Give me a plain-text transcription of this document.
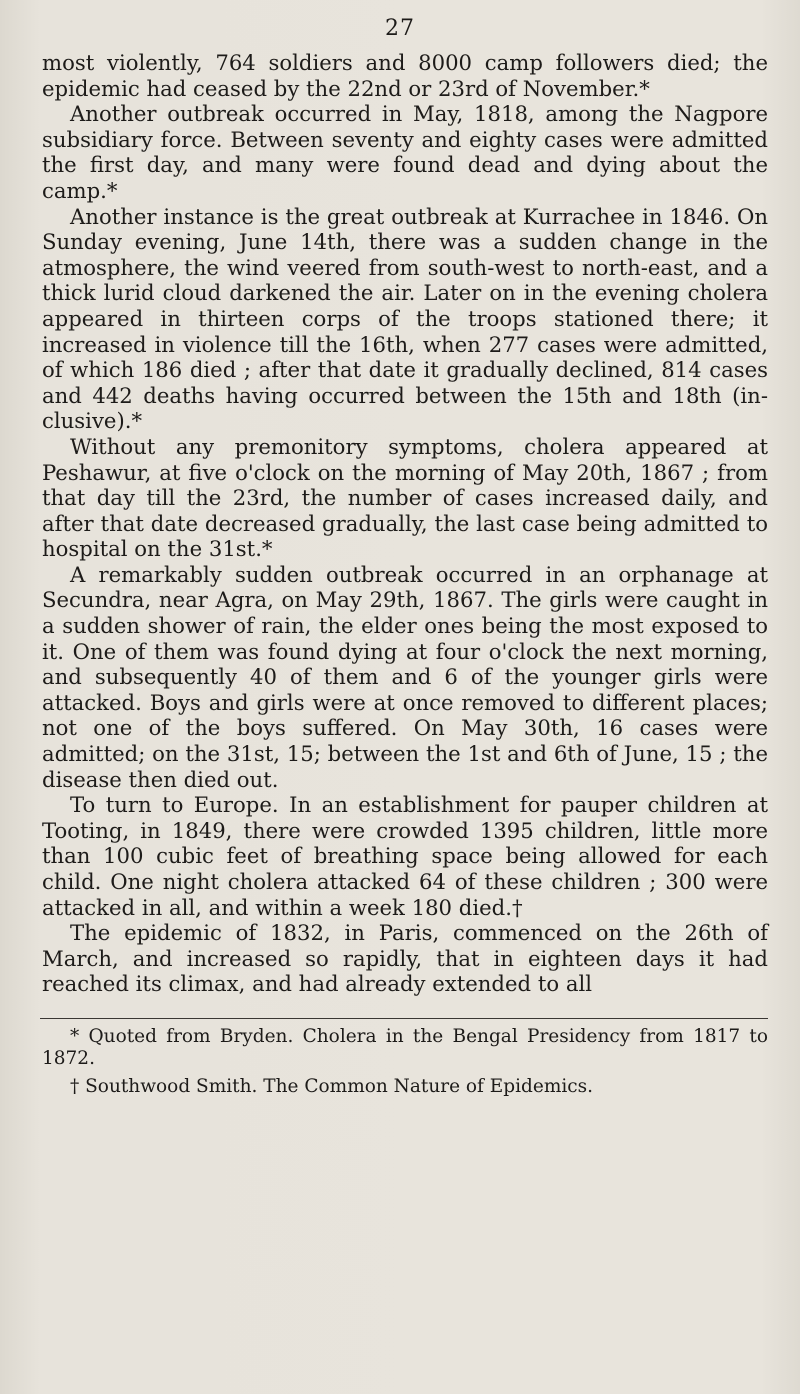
27

most violently, 764 soldiers and 8000 camp followers died; the epidemic had ceased by the 22nd or 23rd of November.*

Another outbreak occurred in May, 1818, among the Nagpore subsidiary force. Between seventy and eighty cases were admitted the first day, and many were found dead and dying about the camp.*

Another instance is the great outbreak at Kurrachee in 1846. On Sunday evening, June 14th, there was a sudden change in the atmosphere, the wind veered from south-west to north-east, and a thick lurid cloud darkened the air. Later on in the evening cholera appeared in thirteen corps of the troops stationed there; it increased in violence till the 16th, when 277 cases were admitted, of which 186 died ; after that date it gradually declined, 814 cases and 442 deaths having occurred between the 15th and 18th (in-clusive).*

Without any premonitory symptoms, cholera appeared at Peshawur, at five o'clock on the morning of May 20th, 1867 ; from that day till the 23rd, the number of cases increased daily, and after that date decreased gradually, the last case being admitted to hospital on the 31st.*

A remarkably sudden outbreak occurred in an orphanage at Secundra, near Agra, on May 29th, 1867. The girls were caught in a sudden shower of rain, the elder ones being the most exposed to it. One of them was found dying at four o'clock the next morning, and subsequently 40 of them and 6 of the younger girls were attacked. Boys and girls were at once removed to different places; not one of the boys suffered. On May 30th, 16 cases were admitted; on the 31st, 15; between the 1st and 6th of June, 15 ; the disease then died out.

To turn to Europe. In an establishment for pauper children at Tooting, in 1849, there were crowded 1395 children, little more than 100 cubic feet of breathing space being allowed for each child. One night cholera attacked 64 of these children ; 300 were attacked in all, and within a week 180 died.†

The epidemic of 1832, in Paris, commenced on the 26th of March, and increased so rapidly, that in eighteen days it had reached its climax, and had already extended to all

* Quoted from Bryden. Cholera in the Bengal Presidency from 1817 to 1872.

† Southwood Smith. The Common Nature of Epidemics.
